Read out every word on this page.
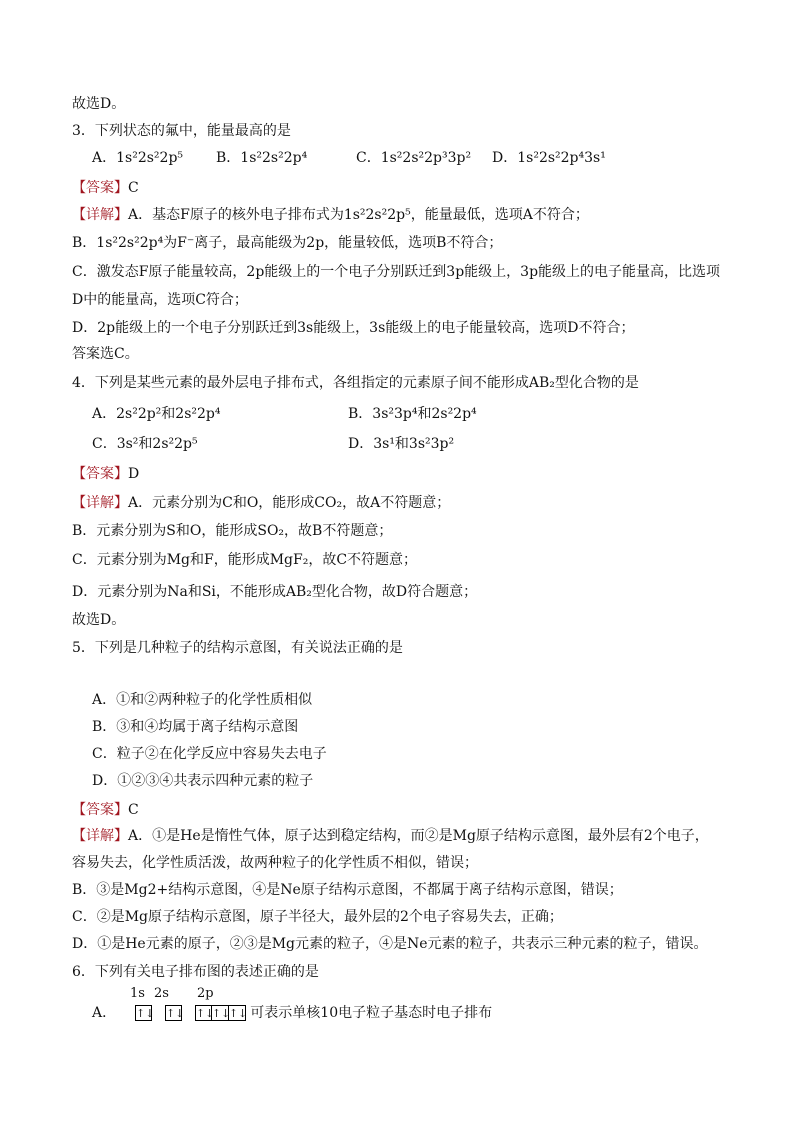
故选D。
3．下列状态的氟中，能量最高的是
A．1s²2s²2p⁵ B．1s²2s²2p⁴	C．1s²2s²2p³3p² D．1s²2s²2p⁴3s¹
【答案】C
【详解】A．基态F原子的核外电子排布式为1s²2s²2p⁵，能量最低，选项A不符合；
B．1s²2s²2p⁴为F⁻离子，最高能级为2p，能量较低，选项B不符合；
C．激发态F原子能量较高，2p能级上的一个电子分别跃迁到3p能级上，3p能级上的电子能量高，比选项
D中的能量高，选项C符合；
D．2p能级上的一个电子分别跃迁到3s能级上，3s能级上的电子能量较高，选项D不符合；
答案选C。
4．下列是某些元素的最外层电子排布式，各组指定的元素原子间不能形成AB₂型化合物的是
A．2s²2p²和2s²2p⁴	B．3s²3p⁴和2s²2p⁴
C．3s²和2s²2p⁵	D．3s¹和3s²3p²
【答案】D
【详解】A．元素分别为C和O，能形成CO₂，故A不符题意；
B．元素分别为S和O，能形成SO₂，故B不符题意；
C．元素分别为Mg和F，能形成MgF₂，故C不符题意；
D．元素分别为Na和Si，不能形成AB₂型化合物，故D符合题意；
故选D。
5．下列是几种粒子的结构示意图，有关说法正确的是
A．①和②两种粒子的化学性质相似
B．③和④均属于离子结构示意图
C．粒子②在化学反应中容易失去电子
D．①②③④共表示四种元素的粒子
【答案】C
【详解】A．①是He是惰性气体，原子达到稳定结构，而②是Mg原子结构示意图，最外层有2个电子，
容易失去，化学性质活泼，故两种粒子的化学性质不相似，错误；
B．③是Mg2+结构示意图，④是Ne原子结构示意图，不都属于离子结构示意图，错误；
C．②是Mg原子结构示意图，原子半径大，最外层的2个电子容易失去，正确；
D．①是He元素的原子，②③是Mg元素的粒子，④是Ne元素的粒子，共表示三种元素的粒子，错误。
6．下列有关电子排布图的表述正确的是
1s 2s 2p
A． ↑↓ ↑↓ ↑↓↑↓↑↓ 可表示单核10电子粒子基态时电子排布
